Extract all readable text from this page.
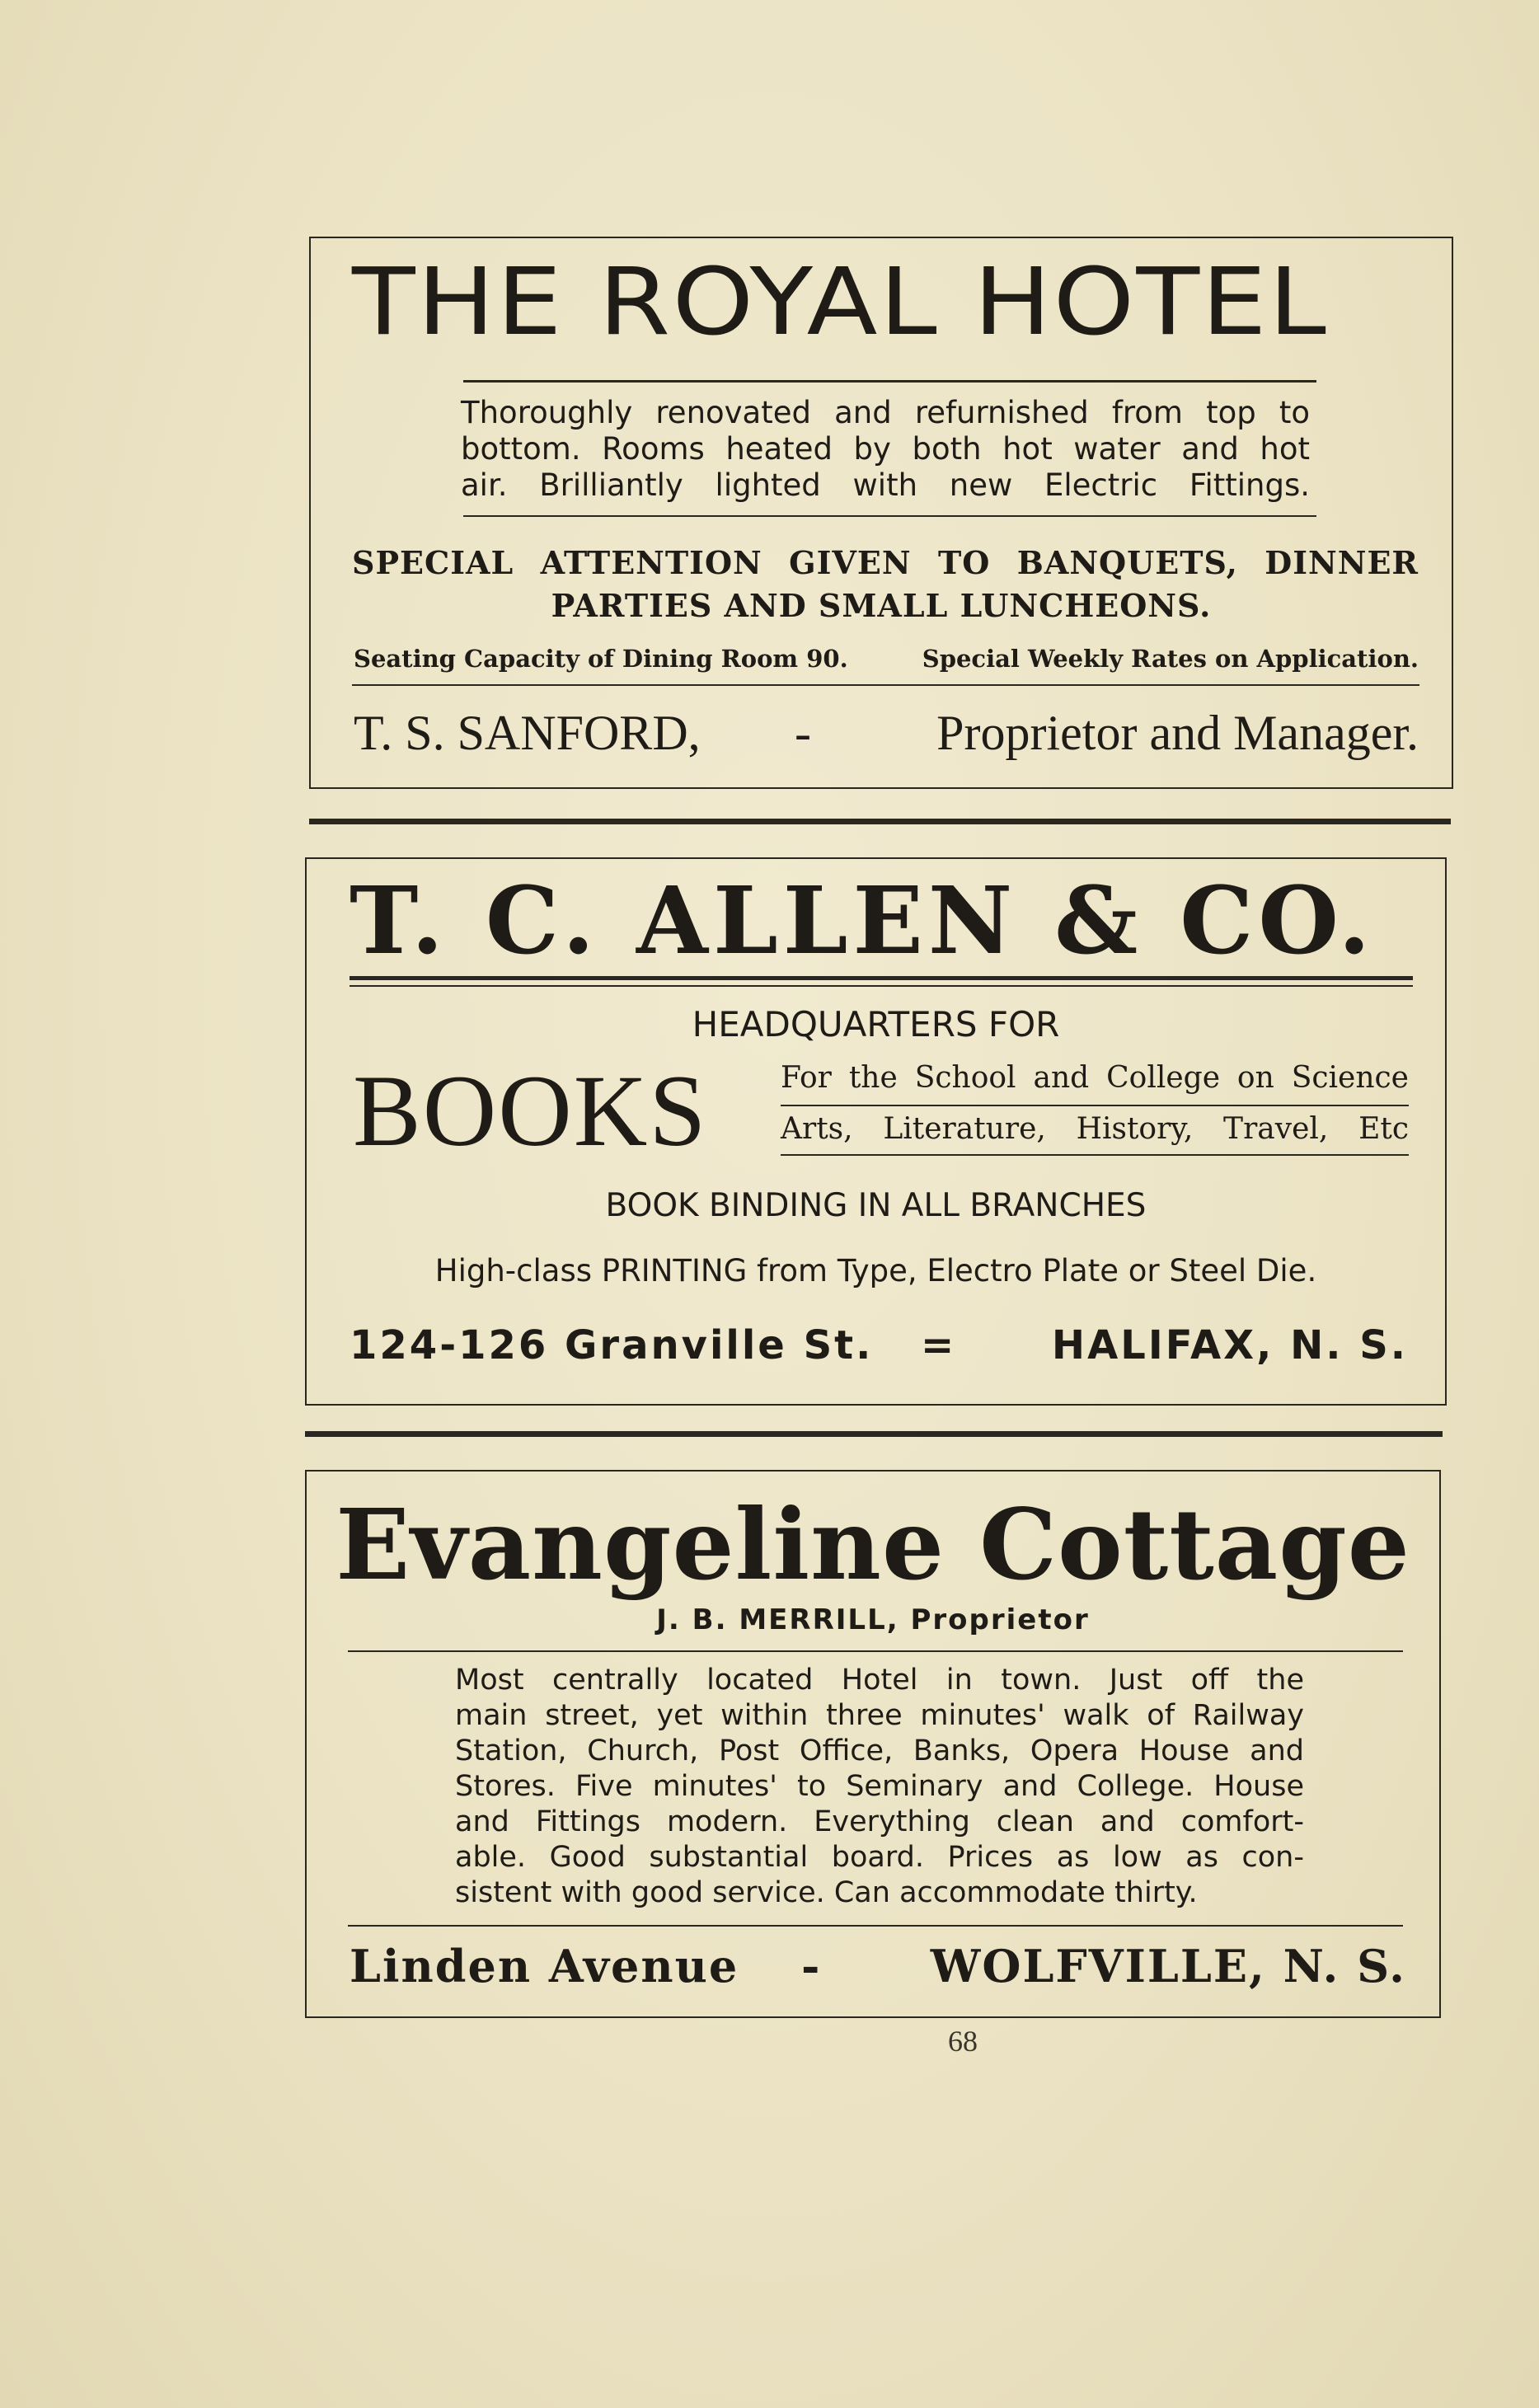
THE ROYAL HOTEL
Thoroughly renovated and refurnished from top to
bottom. Rooms heated by both hot water and hot
air. Brilliantly lighted with new Electric Fittings.
SPECIAL ATTENTION GIVEN TO BANQUETS, DINNER
PARTIES AND SMALL LUNCHEONS.
Seating Capacity of Dining Room 90.	Special Weekly Rates on Application.
T. S. SANFORD, -	Proprietor and Manager.
T. C. ALLEN & CO.
HEADQUARTERS FOR
BOOKS For the School and College on Science
Arts, Literature, History, Travel, Etc
BOOK BINDING IN ALL BRANCHES
High-class PRINTING from Type, Electro Plate or Steel Die.
124-126 Granville St. = HALIFAX, N. S.
Evangeline Cottage
J. B. MERRILL, Proprietor
Most centrally located Hotel in town. Just off the
main street, yet within three minutes' walk of Railway
Station, Church, Post Office, Banks, Opera House and
Stores. Five minutes' to Seminary and College. House
and Fittings modern. Everything clean and comfort-
able. Good substantial board. Prices as low as con-
sistent with good service. Can accommodate thirty.
Linden Avenue - WOLFVILLE, N. S.
68
